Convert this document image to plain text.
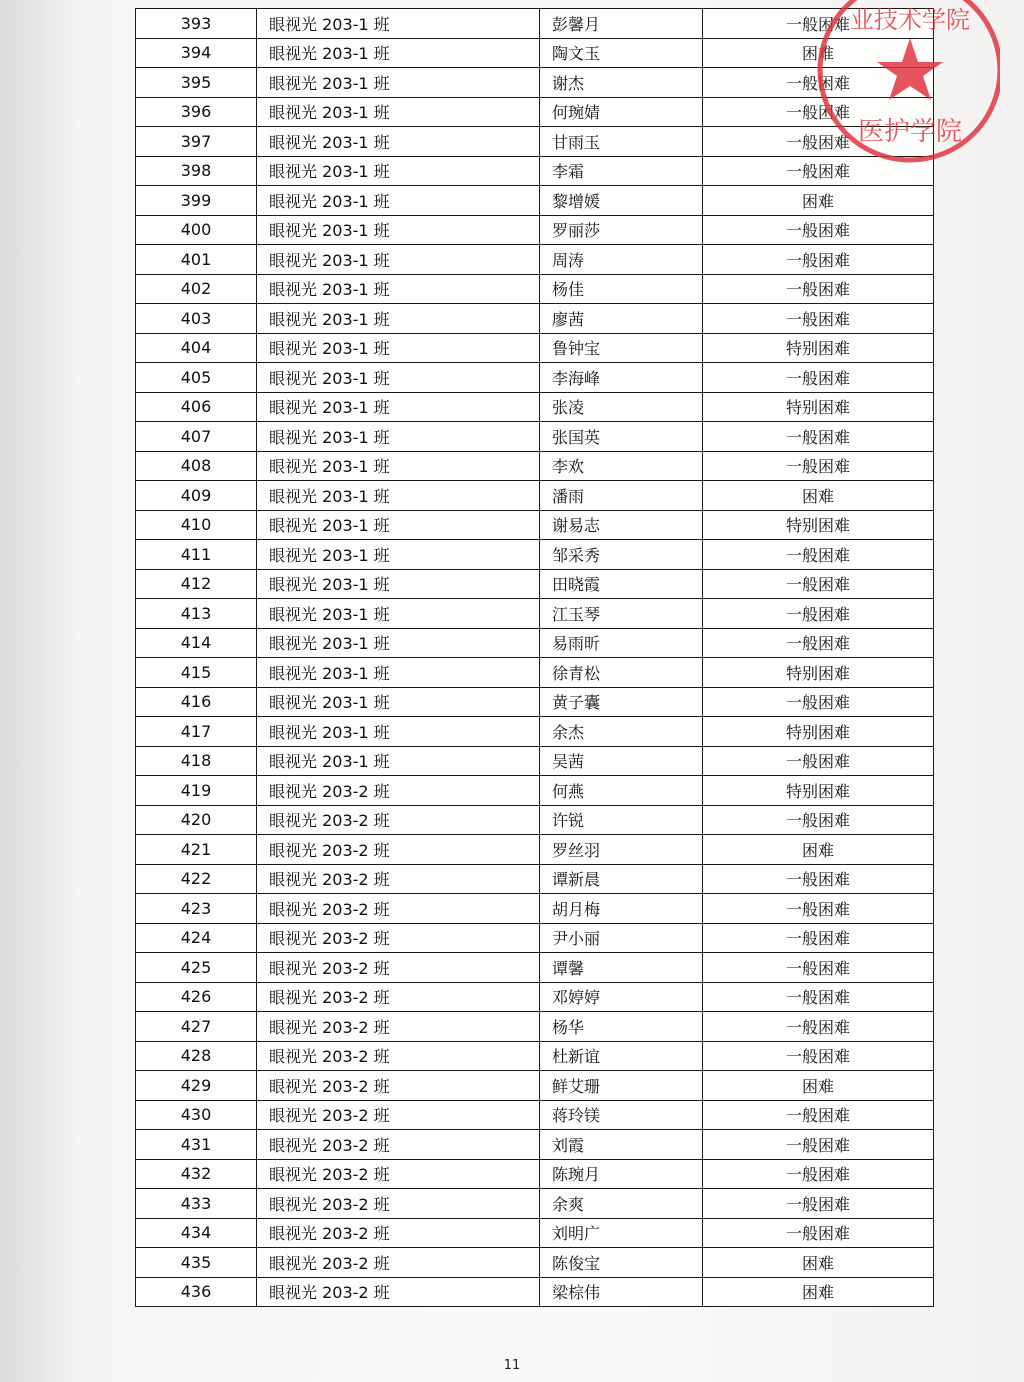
393	眼视光 203-1 班	彭馨月	一般困难
394	眼视光 203-1 班	陶文玉	困难
395	眼视光 203-1 班	谢杰	一般困难
396	眼视光 203-1 班	何琬婧	一般困难
397	眼视光 203-1 班	甘雨玉	一般困难
398	眼视光 203-1 班	李霜	一般困难
399	眼视光 203-1 班	黎增媛	困难
400	眼视光 203-1 班	罗丽莎	一般困难
401	眼视光 203-1 班	周涛	一般困难
402	眼视光 203-1 班	杨佳	一般困难
403	眼视光 203-1 班	廖茜	一般困难
404	眼视光 203-1 班	鲁钟宝	特别困难
405	眼视光 203-1 班	李海峰	一般困难
406	眼视光 203-1 班	张凌	特别困难
407	眼视光 203-1 班	张国英	一般困难
408	眼视光 203-1 班	李欢	一般困难
409	眼视光 203-1 班	潘雨	困难
410	眼视光 203-1 班	谢易志	特别困难
411	眼视光 203-1 班	邹采秀	一般困难
412	眼视光 203-1 班	田晓霞	一般困难
413	眼视光 203-1 班	江玉琴	一般困难
414	眼视光 203-1 班	易雨昕	一般困难
415	眼视光 203-1 班	徐青松	特别困难
416	眼视光 203-1 班	黄子囊	一般困难
417	眼视光 203-1 班	余杰	特别困难
418	眼视光 203-1 班	吴茜	一般困难
419	眼视光 203-2 班	何燕	特别困难
420	眼视光 203-2 班	许锐	一般困难
421	眼视光 203-2 班	罗丝羽	困难
422	眼视光 203-2 班	谭新晨	一般困难
423	眼视光 203-2 班	胡月梅	一般困难
424	眼视光 203-2 班	尹小丽	一般困难
425	眼视光 203-2 班	谭馨	一般困难
426	眼视光 203-2 班	邓婷婷	一般困难
427	眼视光 203-2 班	杨华	一般困难
428	眼视光 203-2 班	杜新谊	一般困难
429	眼视光 203-2 班	鲜艾珊	困难
430	眼视光 203-2 班	蒋玲镁	一般困难
431	眼视光 203-2 班	刘霞	一般困难
432	眼视光 203-2 班	陈琬月	一般困难
433	眼视光 203-2 班	余爽	一般困难
434	眼视光 203-2 班	刘明广	一般困难
435	眼视光 203-2 班	陈俊宝	困难
436	眼视光 203-2 班	梁棕伟	困难
业技术学院
医护学院
11
